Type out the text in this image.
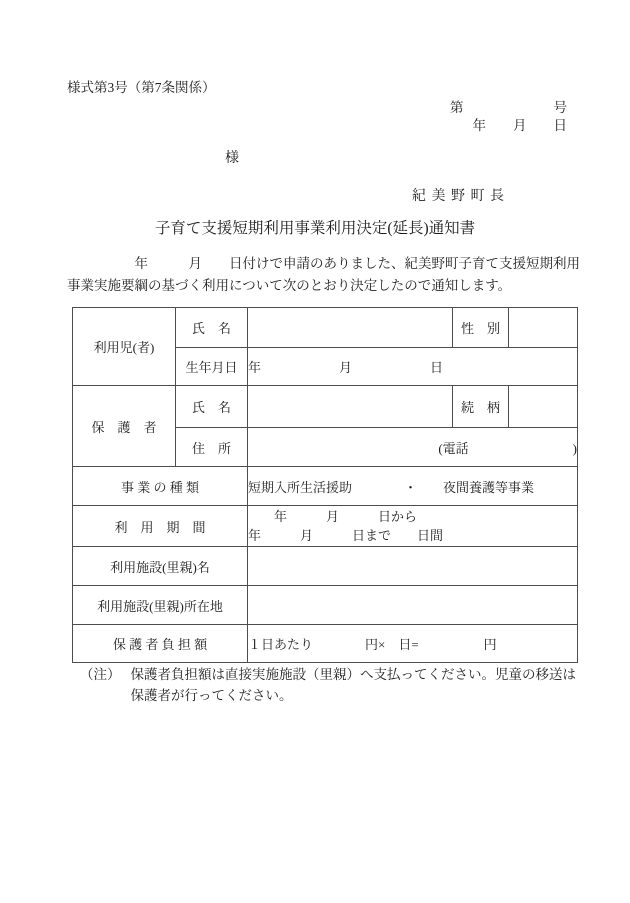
様式第3号（第7条関係）
第	号
年　　月　　日
様
紀 美 野 町 長
子育て支援短期利用事業利用決定(延長)通知書
　　　　　年　　　月　　日付けで申請のありました、紀美野町子育て支援短期利用
事業実施要綱の基づく利用について次のとおり決定したので通知します。
利用児(者)	氏　名		性　別	
	生年月日	年　　　　　　月　　　　　　日		
保　護　者	氏　名		続　柄	
	住　所	(電話　　　　　　　　)		
事 業 の 種 類		短期入所生活援助　　　　・　　夜間養護等事業		
利　用　期　間		　　年　　　月　　　日から
年　　　月　　　日まで　　日間		

利用施設(里親)名				
利用施設(里親)所在地				
保 護 者 負 担 額		１日あたり　　　　円×　日=　　　　　円		
（注） 保護者負担額は直接実施施設（里親）へ支払ってください。児童の移送は
保護者が行ってください。
